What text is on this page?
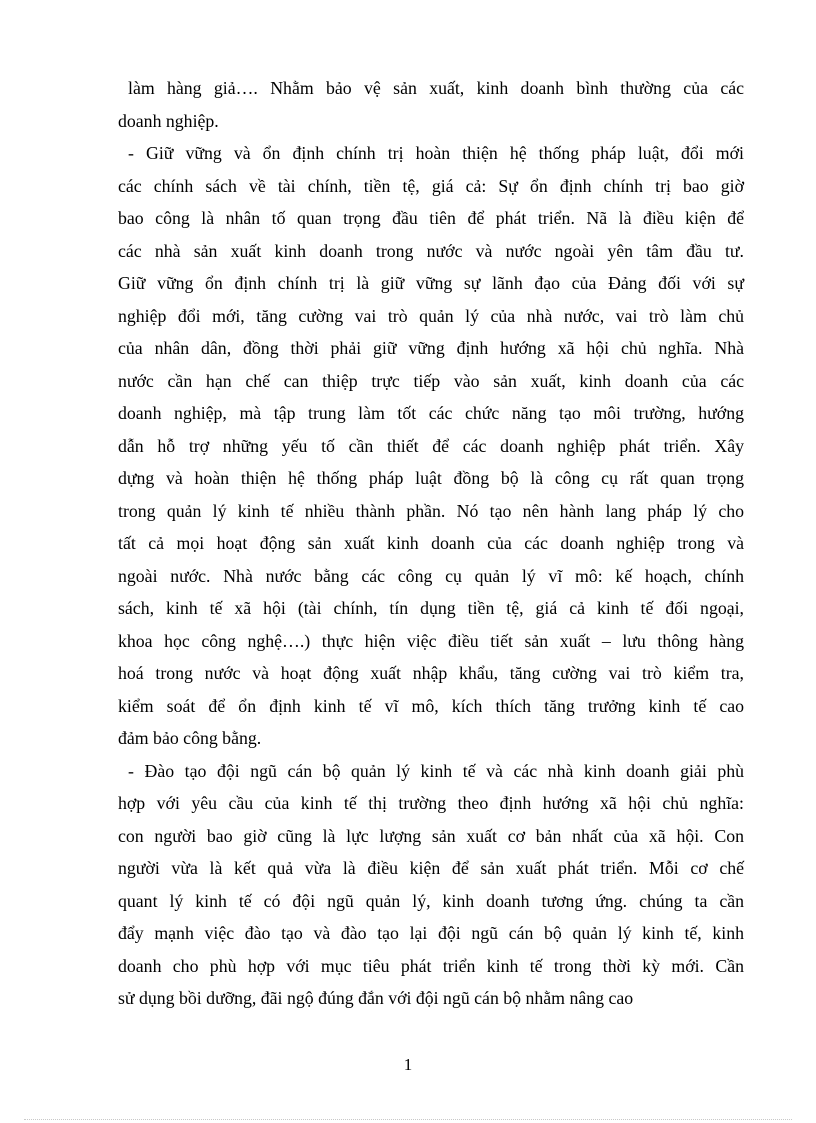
làm hàng giả…. Nhằm bảo vệ sản xuất, kinh doanh bình thường của các
doanh nghiệp.
- Giữ vững và ổn định chính trị hoàn thiện hệ thống pháp luật, đổi mới
các chính sách về tài chính, tiền tệ, giá cả: Sự ổn định chính trị bao giờ
bao công là nhân tố quan trọng đầu tiên để phát triển. Nã là điều kiện để
các nhà sản xuất kinh doanh trong nước và nước ngoài yên tâm đầu tư.
Giữ vững ổn định chính trị là giữ vững sự lãnh đạo của Đảng đối với sự
nghiệp đổi mới, tăng cường vai trò quản lý của nhà nước, vai trò làm chủ
của nhân dân, đồng thời phải giữ vững định hướng xã hội chủ nghĩa. Nhà
nước cần hạn chế can thiệp trực tiếp vào sản xuất, kinh doanh của các
doanh nghiệp, mà tập trung làm tốt các chức năng tạo môi trường, hướng
dẫn hỗ trợ những yếu tố cần thiết để các doanh nghiệp phát triển. Xây
dựng và hoàn thiện hệ thống pháp luật đồng bộ là công cụ rất quan trọng
trong quản lý kinh tế nhiều thành phần. Nó tạo nên hành lang pháp lý cho
tất cả mọi hoạt động sản xuất kinh doanh của các doanh nghiệp trong và
ngoài nước. Nhà nước bằng các công cụ quản lý vĩ mô: kế hoạch, chính
sách, kinh tế xã hội (tài chính, tín dụng tiền tệ, giá cả kinh tế đối ngoại,
khoa học công nghệ….) thực hiện việc điều tiết sản xuất – lưu thông hàng
hoá trong nước và hoạt động xuất nhập khẩu, tăng cường vai trò kiểm tra,
kiểm soát để ổn định kinh tế vĩ mô, kích thích tăng trưởng kinh tế cao
đảm bảo công bằng.
- Đào tạo đội ngũ cán bộ quản lý kinh tế và các nhà kinh doanh giải phù
hợp với yêu cầu của kinh tế thị trường theo định hướng xã hội chủ nghĩa:
con người bao giờ cũng là lực lượng sản xuất cơ bản nhất của xã hội. Con
người vừa là kết quả vừa là điều kiện để sản xuất phát triển. Mỗi cơ chế
quant lý kinh tế có đội ngũ quản lý, kinh doanh tương ứng. chúng ta cần
đẩy mạnh việc đào tạo và đào tạo lại đội ngũ cán bộ quản lý kinh tế, kinh
doanh cho phù hợp với mục tiêu phát triển kinh tế trong thời kỳ mới. Cần
sử dụng bồi dưỡng, đãi ngộ đúng đắn với đội ngũ cán bộ nhằm nâng cao
1
